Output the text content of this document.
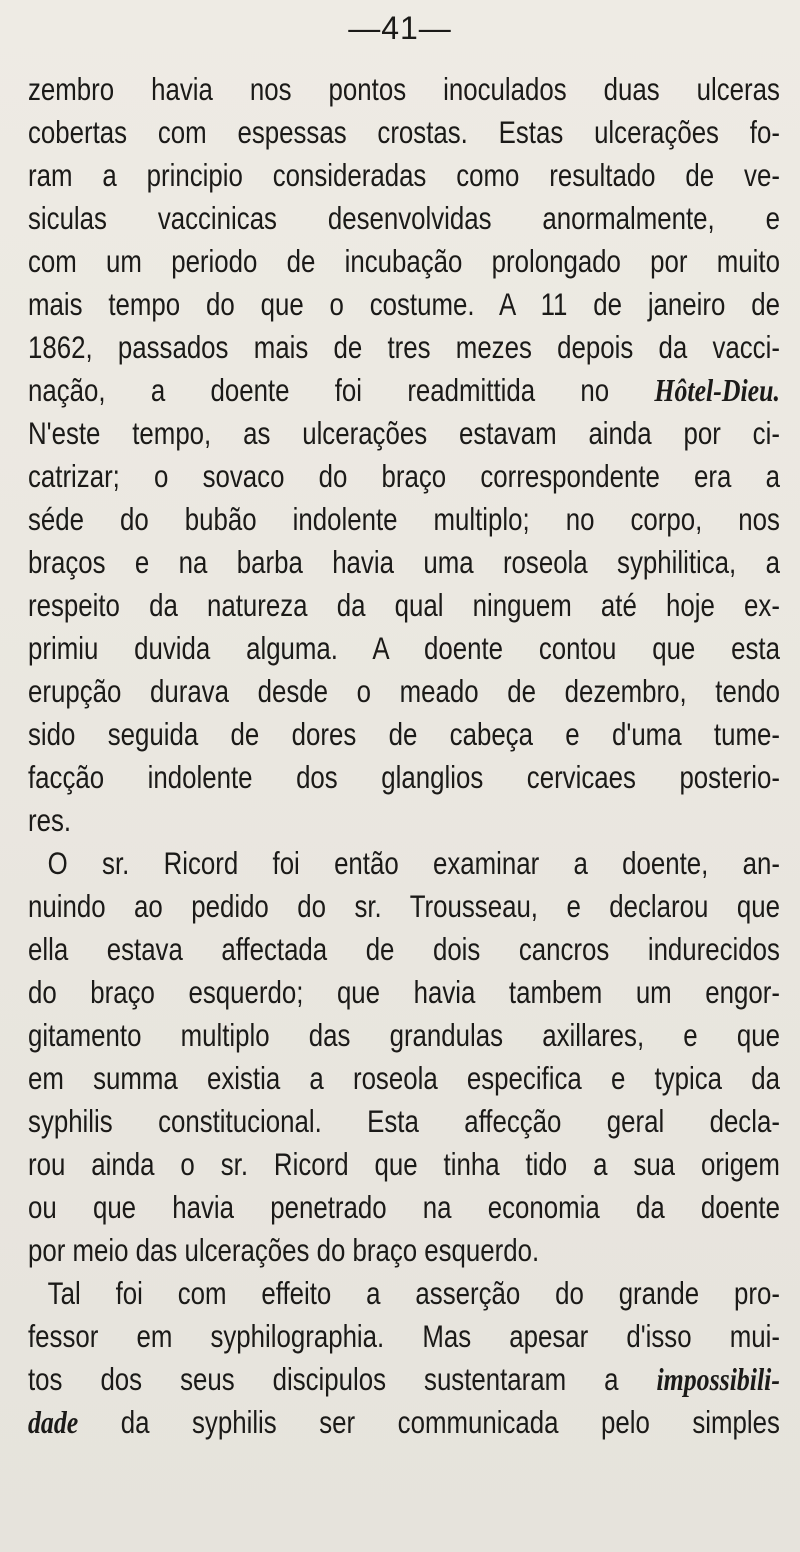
—41—
zembro havia nos pontos inoculados duas ulceras
cobertas com espessas crostas. Estas ulcerações fo-
ram a principio consideradas como resultado de ve-
siculas vaccinicas desenvolvidas anormalmente, e
com um periodo de incubação prolongado por muito
mais tempo do que o costume. A 11 de janeiro de
1862, passados mais de tres mezes depois da vacci-
nação, a doente foi readmittida no Hôtel-Dieu.
N'este tempo, as ulcerações estavam ainda por ci-
catrizar; o sovaco do braço correspondente era a
séde do bubão indolente multiplo; no corpo, nos
braços e na barba havia uma roseola syphilitica, a
respeito da natureza da qual ninguem até hoje ex-
primiu duvida alguma. A doente contou que esta
erupção durava desde o meado de dezembro, tendo
sido seguida de dores de cabeça e d'uma tume-
facção indolente dos glanglios cervicaes posterio-
res.
O sr. Ricord foi então examinar a doente, an-
nuindo ao pedido do sr. Trousseau, e declarou que
ella estava affectada de dois cancros indurecidos
do braço esquerdo; que havia tambem um engor-
gitamento multiplo das grandulas axillares, e que
em summa existia a roseola especifica e typica da
syphilis constitucional. Esta affecção geral decla-
rou ainda o sr. Ricord que tinha tido a sua origem
ou que havia penetrado na economia da doente
por meio das ulcerações do braço esquerdo.
Tal foi com effeito a asserção do grande pro-
fessor em syphilographia. Mas apesar d'isso mui-
tos dos seus discipulos sustentaram a impossibili-
dade da syphilis ser communicada pelo simples
